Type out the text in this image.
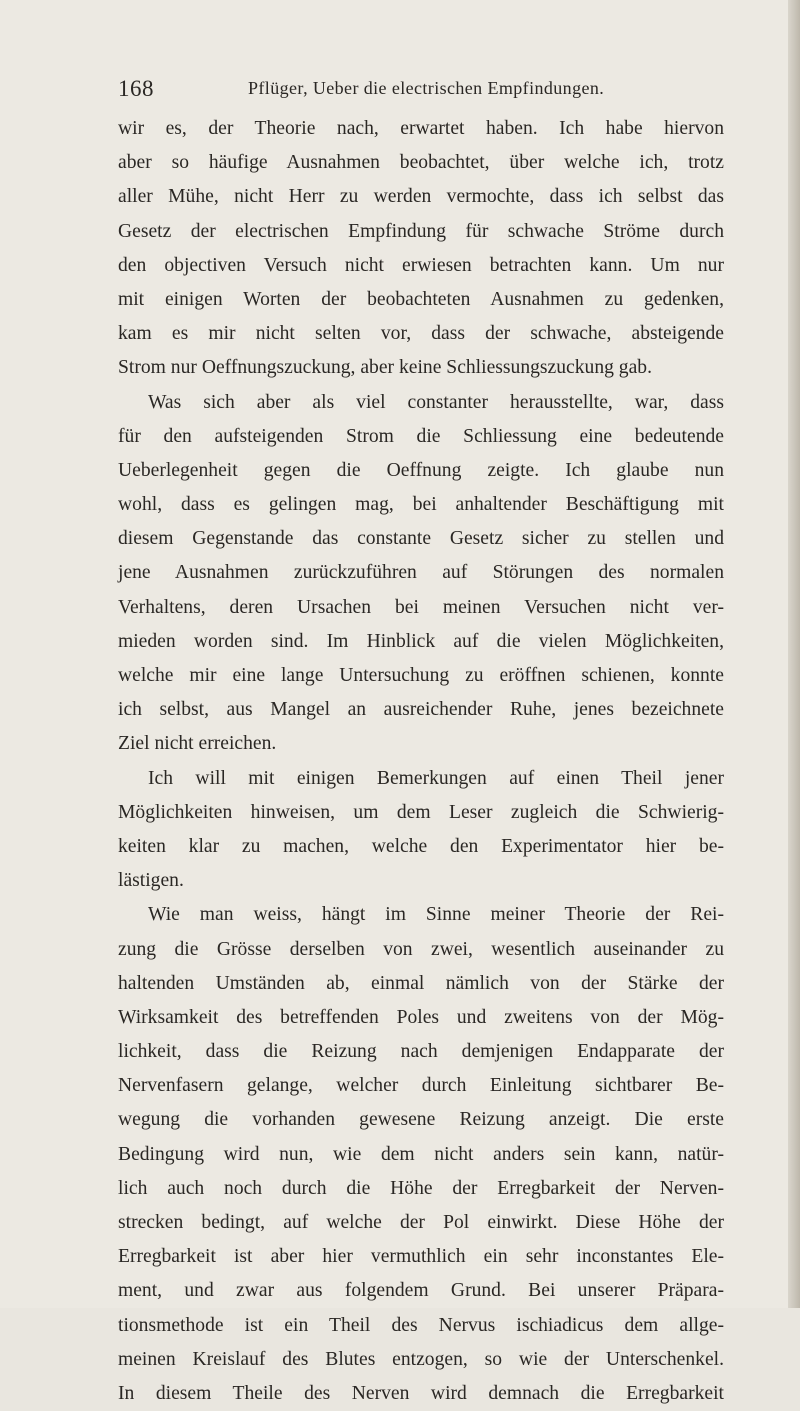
168	Pflüger, Ueber die electrischen Empfindungen.
wir es, der Theorie nach, erwartet haben. Ich habe hiervon
aber so häufige Ausnahmen beobachtet, über welche ich, trotz
aller Mühe, nicht Herr zu werden vermochte, dass ich selbst das
Gesetz der electrischen Empfindung für schwache Ströme durch
den objectiven Versuch nicht erwiesen betrachten kann. Um nur
mit einigen Worten der beobachteten Ausnahmen zu gedenken,
kam es mir nicht selten vor, dass der schwache, absteigende
Strom nur Oeffnungszuckung, aber keine Schliessungszuckung gab.
Was sich aber als viel constanter herausstellte, war, dass
für den aufsteigenden Strom die Schliessung eine bedeutende
Ueberlegenheit gegen die Oeffnung zeigte. Ich glaube nun
wohl, dass es gelingen mag, bei anhaltender Beschäftigung mit
diesem Gegenstande das constante Gesetz sicher zu stellen und
jene Ausnahmen zurückzuführen auf Störungen des normalen
Verhaltens, deren Ursachen bei meinen Versuchen nicht ver-
mieden worden sind. Im Hinblick auf die vielen Möglichkeiten,
welche mir eine lange Untersuchung zu eröffnen schienen, konnte
ich selbst, aus Mangel an ausreichender Ruhe, jenes bezeichnete
Ziel nicht erreichen.
Ich will mit einigen Bemerkungen auf einen Theil jener
Möglichkeiten hinweisen, um dem Leser zugleich die Schwierig-
keiten klar zu machen, welche den Experimentator hier be-
lästigen.
Wie man weiss, hängt im Sinne meiner Theorie der Rei-
zung die Grösse derselben von zwei, wesentlich auseinander zu
haltenden Umständen ab, einmal nämlich von der Stärke der
Wirksamkeit des betreffenden Poles und zweitens von der Mög-
lichkeit, dass die Reizung nach demjenigen Endapparate der
Nervenfasern gelange, welcher durch Einleitung sichtbarer Be-
wegung die vorhanden gewesene Reizung anzeigt. Die erste
Bedingung wird nun, wie dem nicht anders sein kann, natür-
lich auch noch durch die Höhe der Erregbarkeit der Nerven-
strecken bedingt, auf welche der Pol einwirkt. Diese Höhe der
Erregbarkeit ist aber hier vermuthlich ein sehr inconstantes Ele-
ment, und zwar aus folgendem Grund. Bei unserer Präpara-
tionsmethode ist ein Theil des Nervus ischiadicus dem allge-
meinen Kreislauf des Blutes entzogen, so wie der Unterschenkel.
In diesem Theile des Nerven wird demnach die Erregbarkeit
